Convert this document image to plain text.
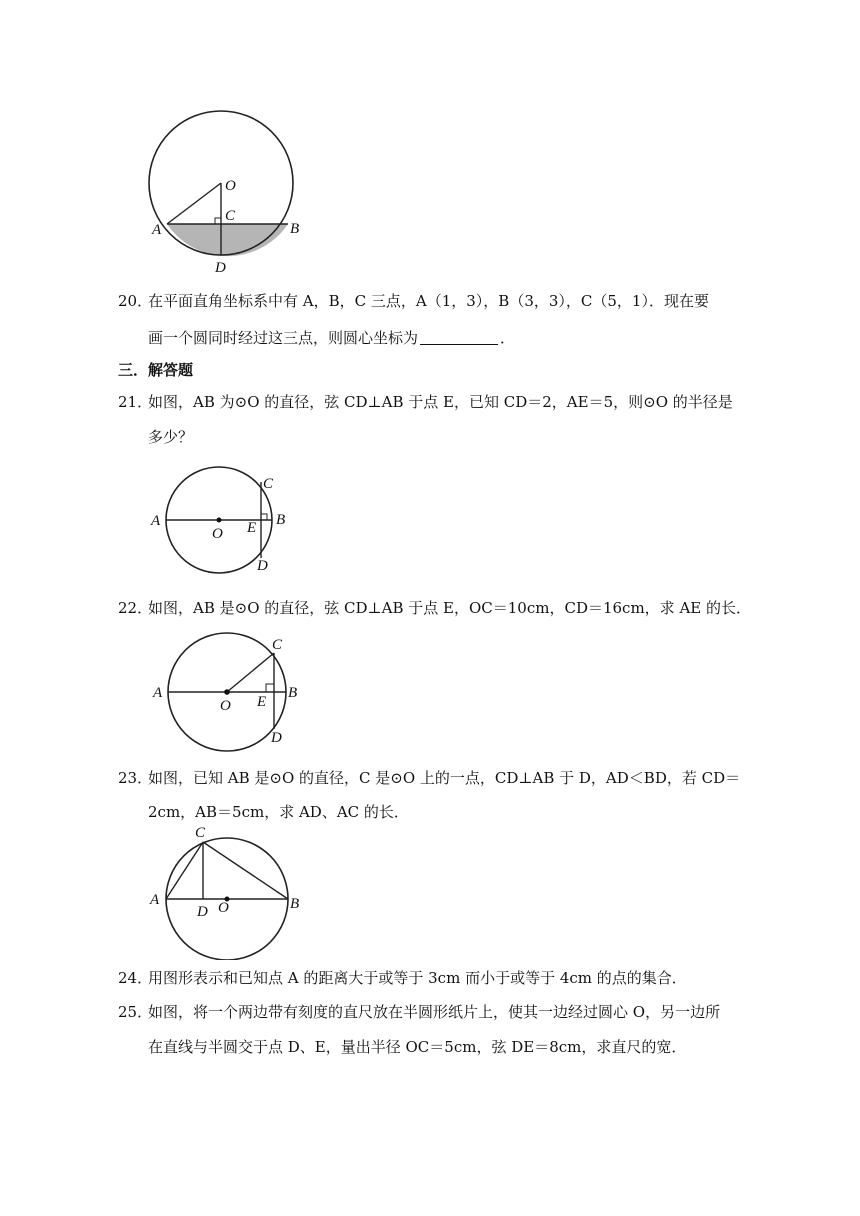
O
C
A	B
D
20．
在平面直角坐标系中有 A，B，C 三点，A（1，3），B（3，3），C（5，1）．现在要
画一个圆同时经过这三点，则圆心坐标为	．
三．解答题
21．
如图，AB 为⊙O 的直径，弦 CD⊥AB 于点 E，已知 CD＝2，AE＝5，则⊙O 的半径是
多少？
A
O E B
C
D
22．
如图，AB 是⊙O 的直径，弦 CD⊥AB 于点 E，OC＝10cm，CD＝16cm，求 AE 的长．
A
O E
B
C
D
23．
如图，已知 AB 是⊙O 的直径，C 是⊙O 上的一点，CD⊥AB 于 D，AD＜BD，若 CD＝
2cm，AB＝5cm，求 AD、AC 的长．
A
D O	B
C
24．
用图形表示和已知点 A 的距离大于或等于 3cm 而小于或等于 4cm 的点的集合．
25．
如图，将一个两边带有刻度的直尺放在半圆形纸片上，使其一边经过圆心 O，另一边所
在直线与半圆交于点 D、E，量出半径 OC＝5cm，弦 DE＝8cm，求直尺的宽．
